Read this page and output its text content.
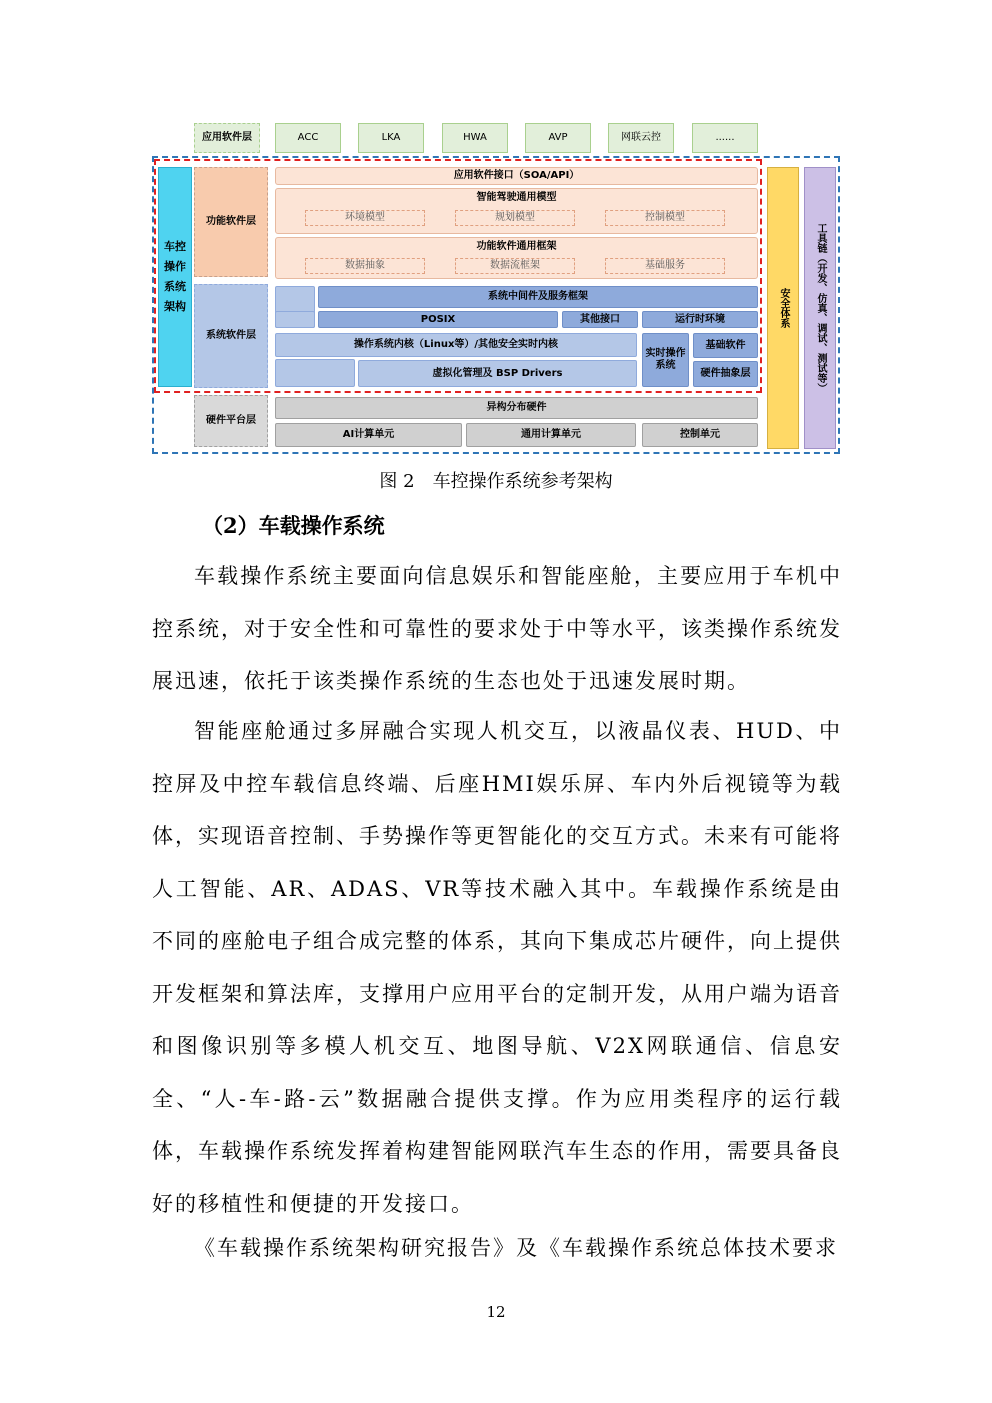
应用软件层	ACC	LKA	HWA	AVP	网联云控	......
车控操作系统架构
功能软件层
系统软件层
硬件平台层
应用软件接口（SOA/API）
智能驾驶通用模型
环境模型	规划模型	控制模型
功能软件通用框架
数据抽象	数据流框架	基础服务
系统中间件及服务框架
POSIX	其他接口	运行时环境
操作系统内核（Linux等）/其他安全实时内核
虚拟化管理及 BSP Drivers
实时操作系统
基础软件
硬件抽象层
异构分布硬件
AI计算单元	通用计算单元	控制单元
安全体系	工具链（开发、仿真、调试、测试等）
图 2　车控操作系统参考架构
（2）车载操作系统

车载操作系统主要面向信息娱乐和智能座舱，主要应用于车机中控系统，对于安全性和可靠性的要求处于中等水平，该类操作系统发展迅速，依托于该类操作系统的生态也处于迅速发展时期。

智能座舱通过多屏融合实现人机交互，以液晶仪表、HUD、中控屏及中控车载信息终端、后座HMI娱乐屏、车内外后视镜等为载体，实现语音控制、手势操作等更智能化的交互方式。未来有可能将人工智能、AR、ADAS、VR等技术融入其中。车载操作系统是由不同的座舱电子组合成完整的体系，其向下集成芯片硬件，向上提供开发框架和算法库，支撑用户应用平台的定制开发，从用户端为语音和图像识别等多模人机交互、地图导航、V2X网联通信、信息安全、“人-车-路-云”数据融合提供支撑。作为应用类程序的运行载体，车载操作系统发挥着构建智能网联汽车生态的作用，需要具备良好的移植性和便捷的开发接口。

《车载操作系统架构研究报告》及《车载操作系统总体技术要求

12
